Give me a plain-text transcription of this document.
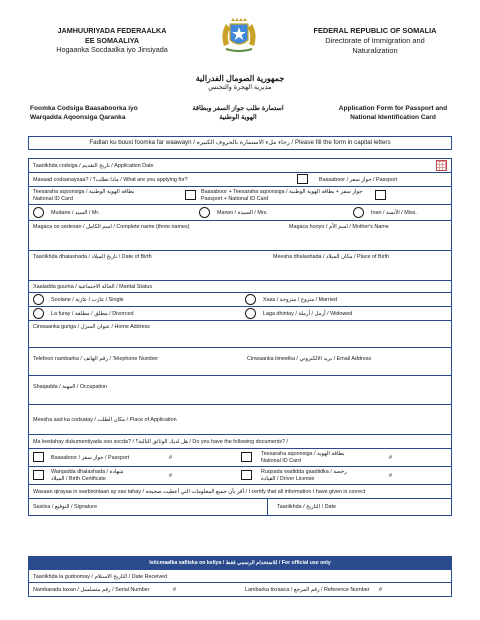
JAMHUURIYADA FEDERAALKA
EE SOMAALIYA
Hogaanka Socdaalka iyo Jinsiyada
FEDERAL REPUBLIC OF SOMALIA
Directorate of Immigration and
Naturalization
جمهورية الصومال الفدرالية
مديرية الهجرة والتجنس
Foomka Codsiga Baasaboorka iyo
Warqadda Aqoonsiga Qaranka
استمارة طلب جواز السفر وبطاقة
الهوية الوطنية
Application Form for Passport and
National Identification Card
Fadlan ku buuxi foomka far waawayn / رجاء ملء الاستمارة بالحروف الكبيرة / Please fill the form in capital letters
Taariikhda codsiga / تاريخ التقديم / Application Date
Maxaad codsanaysaa? / ماذا تطلب؟ / What are you applying for?	Baasaboor / جواز سفر / Passport
Teesaraha aqoonsiga / بطاقة الهوية الوطنية
National ID Card
Baasaboor + Teesaraha aqoonsiga / جواز سفر + بطاقة الهوية الوطنية
Passport + National ID Card
Mudane / السيد / Mr.	Marwo / السيدة / Mrs.	Inan / الآنسة / Miss.
Magaca oo sedexan / اسم الكامل / Complete name (three names)	Magaca hooyo / اسم الأم / Mother's Name
Taariikhda dhalashada / تاريخ الميلاد / Date of Birth	Meesha dhalashada / مكان الميلاد / Place of Birth
Xaaladda guurka / الحالة الاجتماعية / Marital Status
Soolane / عازب / عازبة / Single	Xaas / متزوج / متزوجة / Married
La furay / مطلق / مطلقة / Divorced	Laga dhintay / أرمل / أرملة / Widowed
Cinwaanka guriga / عنوان المنزل / Home Address
Telefoon nambarka / رقم الهاتف / Telephone Number	Cinwaanka iimeelka / بريد الالكتروني / Email Address
Shaqadda / المهنة / Occupation
Meesha aad ka codsatay / مكان الطلب / Place of Application
Ma leedahay dukumentiyada soo socda? / هل لديك الوثائق التالية؟ / Do you have the following documents? /
Baasaboor / جواز سفر / Passport	#
Teesaraha aqoonsiga / بطاقة الهوية
National ID Card	#
Warqadda dhalashada / شهادة
الميلاد / Birth Certificate	#
Ruqsada wadidda gaadiidka / رخصة
القيادة / Driver License	#
Waxaan qirayaa in warbixintaan ay sax tahay / أقر بأن جميع المعلومات التي أعطيت صحيحة / I certify that all information I have given is correct
Saxiixa / التوقيع / Signature	Taariikhda / التاريخ / Date
Isticmaalka xafiiska oo keliya / للاستخدام الرسمي فقط / For official use only
Taariikhda la gudoomay / التاريخ الاستلام / Date Received
Nambarada taxan / رقم متسلسل / Serial Number	#	Lambarka tixraaca / رقم المرجع / Reference Number #
